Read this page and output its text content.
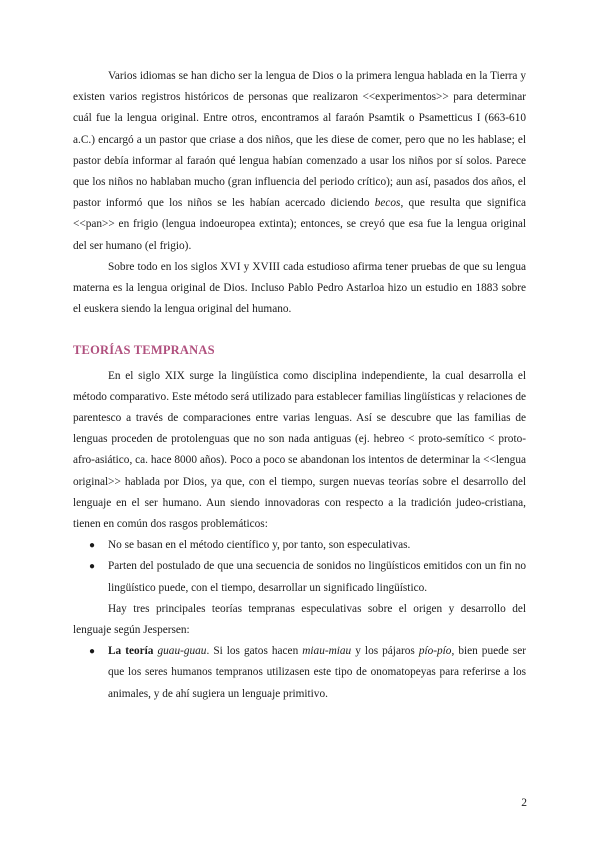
Varios idiomas se han dicho ser la lengua de Dios o la primera lengua hablada en la Tierra y existen varios registros históricos de personas que realizaron <<experimentos>> para determinar cuál fue la lengua original. Entre otros, encontramos al faraón Psamtik o Psametticus I (663-610 a.C.) encargó a un pastor que criase a dos niños, que les diese de comer, pero que no les hablase; el pastor debía informar al faraón qué lengua habían comenzado a usar los niños por sí solos. Parece que los niños no hablaban mucho (gran influencia del periodo crítico); aun así, pasados dos años, el pastor informó que los niños se les habían acercado diciendo becos, que resulta que significa <<pan>> en frigio (lengua indoeuropea extinta); entonces, se creyó que esa fue la lengua original del ser humano (el frigio).

Sobre todo en los siglos XVI y XVIII cada estudioso afirma tener pruebas de que su lengua materna es la lengua original de Dios. Incluso Pablo Pedro Astarloa hizo un estudio en 1883 sobre el euskera siendo la lengua original del humano.

TEORÍAS TEMPRANAS

En el siglo XIX surge la lingüística como disciplina independiente, la cual desarrolla el método comparativo. Este método será utilizado para establecer familias lingüísticas y relaciones de parentesco a través de comparaciones entre varias lenguas. Así se descubre que las familias de lenguas proceden de protolenguas que no son nada antiguas (ej. hebreo < proto-semítico < proto-afro-asiático, ca. hace 8000 años). Poco a poco se abandonan los intentos de determinar la <<lengua original>> hablada por Dios, ya que, con el tiempo, surgen nuevas teorías sobre el desarrollo del lenguaje en el ser humano. Aun siendo innovadoras con respecto a la tradición judeo-cristiana, tienen en común dos rasgos problemáticos:

● No se basan en el método científico y, por tanto, son especulativas.
● Parten del postulado de que una secuencia de sonidos no lingüísticos emitidos con un fin no lingüístico puede, con el tiempo, desarrollar un significado lingüístico.

Hay tres principales teorías tempranas especulativas sobre el origen y desarrollo del lenguaje según Jespersen:

● La teoría guau-guau. Si los gatos hacen miau-miau y los pájaros pío-pío, bien puede ser que los seres humanos tempranos utilizasen este tipo de onomatopeyas para referirse a los animales, y de ahí sugiera un lenguaje primitivo.
2
